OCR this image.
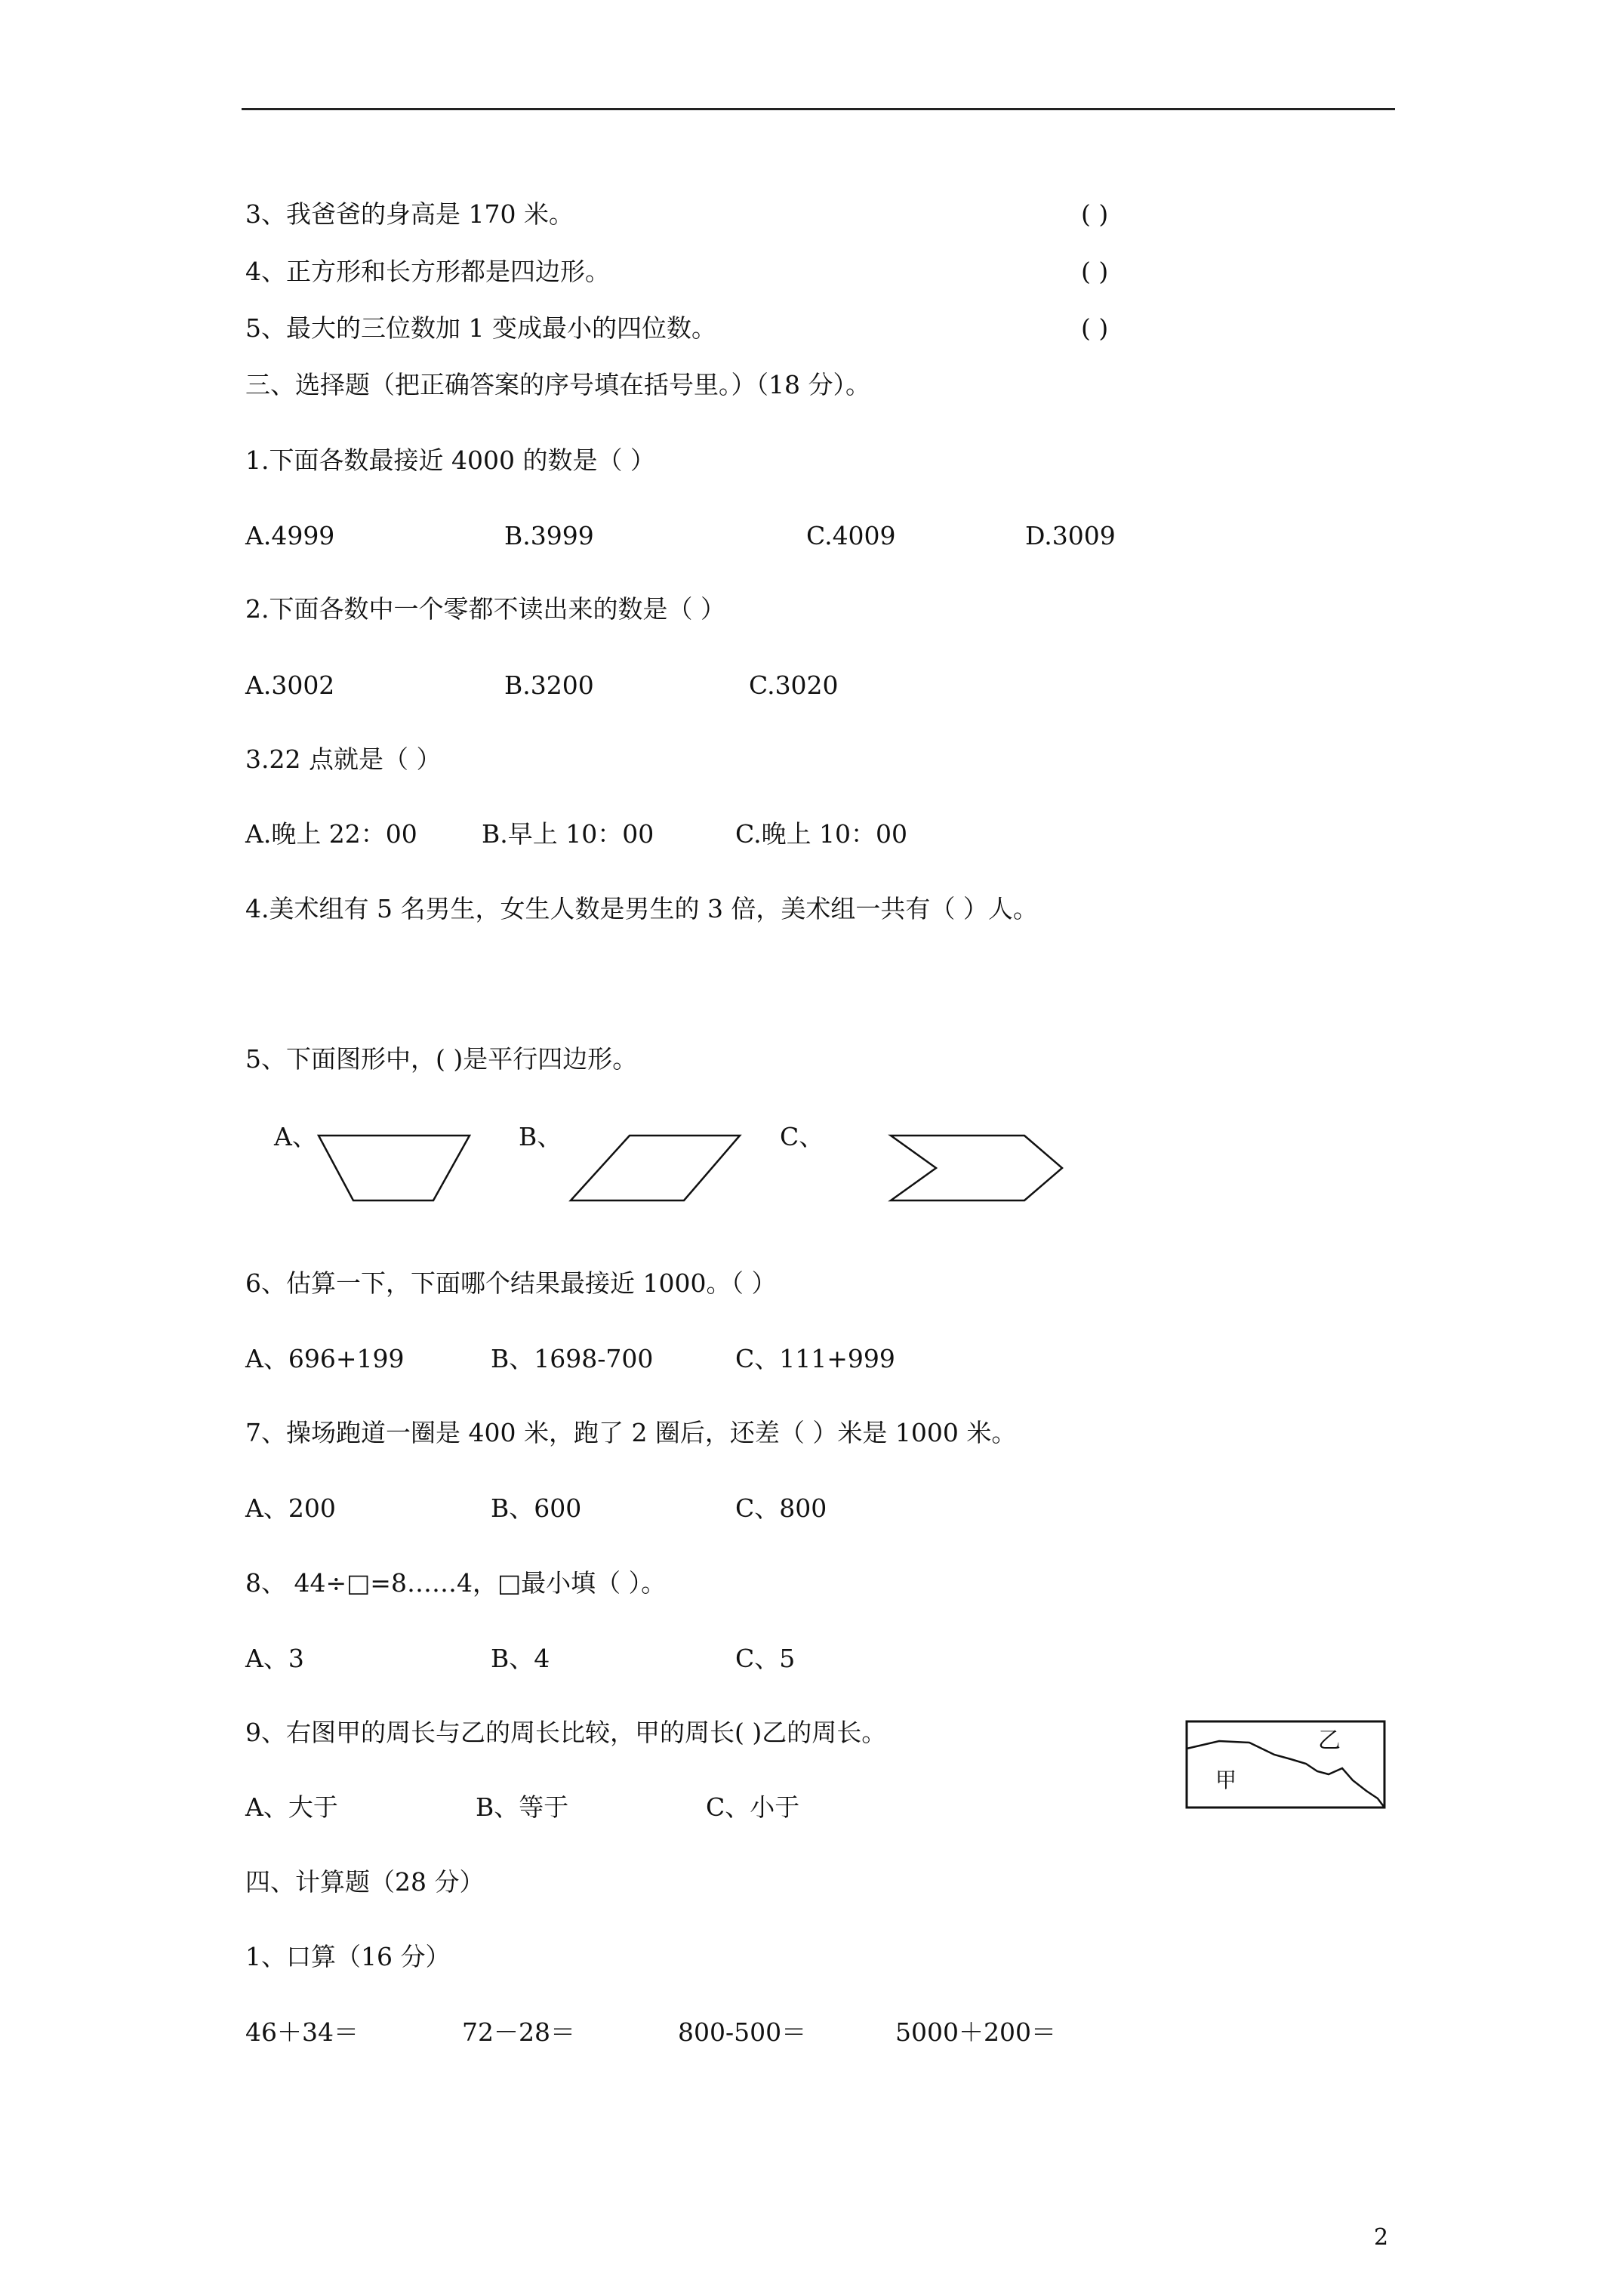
3、我爸爸的身高是 170 米。	( )
4、正方形和长方形都是四边形。	( )
5、最大的三位数加 1 变成最小的四位数。	( )
三、选择题（把正确答案的序号填在括号里。）（18 分）。
1.下面各数最接近 4000 的数是（ ）
A.4999	B.3999	C.4009	D.3009
2.下面各数中一个零都不读出来的数是（ ）
A.3002	B.3200	C.3020
3.22 点就是（ ）
A.晚上 22：00	B.早上 10：00	C.晚上 10：00
4.美术组有 5 名男生，女生人数是男生的 3 倍，美术组一共有（ ）人。
5、下面图形中，( )是平行四边形。
A、	B、	C、
6、估算一下，下面哪个结果最接近 1000。（ ）
A、696+199	B、1698-700	C、111+999
7、操场跑道一圈是 400 米，跑了 2 圈后，还差（ ）米是 1000 米。
A、200	B、600	C、800
8、 44÷□=8……4，□最小填（ ）。
A、3	B、4	C、5
9、右图甲的周长与乙的周长比较，甲的周长( )乙的周长。
A、大于	B、等于	C、小于
乙
甲
四、计算题（28 分）
1、口算（16 分）
46＋34＝	72－28＝	800-500＝	5000＋200＝
2
